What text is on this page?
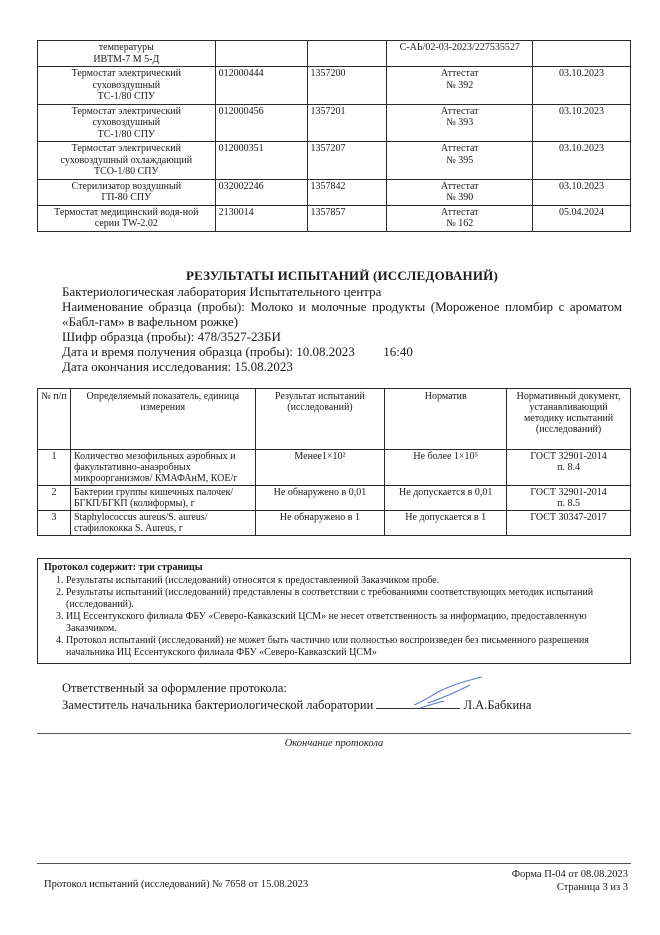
температуры
ИВТМ-7 М 5-Д			С-АЬ/02-03-2023/227535527	
Термостат электрический суховоздушный
ТС-1/80 СПУ	012000444	1357200	Аттестат
№ 392	03.10.2023
Термостат электрический суховоздушный
ТС-1/80 СПУ	012000456	1357201	Аттестат
№ 393	03.10.2023
Термостат электрический суховоздушный охлаждающий
ТСО-1/80 СПУ	012000351	1357207	Аттестат
№ 395	03.10.2023
Стерилизатор воздушный
ГП-80 СПУ	032002246	1357842	Аттестат
№ 390	03.10.2023
Термостат медицинский водя-ной серии TW-2.02	2130014	1357857	Аттестат
№ 162	05.04.2024
РЕЗУЛЬТАТЫ ИСПЫТАНИЙ (ИССЛЕДОВАНИЙ)
Бактериологическая лаборатория Испытательного центра
Наименование образца (пробы): Молоко и молочные продукты (Мороженое пломбир с ароматом «Бабл-гам» в вафельном рожке)
Шифр образца (пробы): 478/3527-23БИ
Дата и время получения образца (пробы): 10.08.2023 16:40
Дата окончания исследования: 15.08.2023
№ п/п	Определяемый показатель, единица измерения	Результат испытаний (исследований)	Норматив	Нормативный документ, устанавливающий методику испытаний (исследований)
1	Количество мезофильных аэробных и факультативно-анаэробных микроорганизмов/ КМАФАнМ, КОЕ/г	Менее1×10²	Не более 1×10⁵	ГОСТ 32901-2014
п. 8.4
2	Бактерии группы кишечных палочек/БГКП/БГКП (колиформы), г	Не обнаружено в 0,01	Не допускается в 0,01	ГОСТ 32901-2014
п. 8.5
3	Staphylococcus aureus/S. aureus/ стафилококка S. Aureus, г	Не обнаружено в 1	Не допускается в 1	ГОСТ 30347-2017
Протокол содержит: три страницы
1. Результаты испытаний (исследований) относятся к предоставленной Заказчиком пробе.
2. Результаты испытаний (исследований) представлены в соответствии с требованиями соответствующих методик испытаний (исследований).
3. ИЦ Ессентукского филиала ФБУ «Северо-Кавказский ЦСМ» не несет ответственность за информацию, предоставленную Заказчиком.
4. Протокол испытаний (исследований) не может быть частично или полностью воспроизведен без письменного разрешения начальника ИЦ Ессентукского филиала ФБУ «Северо-Кавказский ЦСМ»
Ответственный за оформление протокола:
Заместитель начальника бактериологической лаборатории	Л.А.Бабкина
Окончание протокола
Протокол испытаний (исследований) № 7658 от 15.08.2023
Форма П-04 от 08.08.2023
Страница 3 из 3
